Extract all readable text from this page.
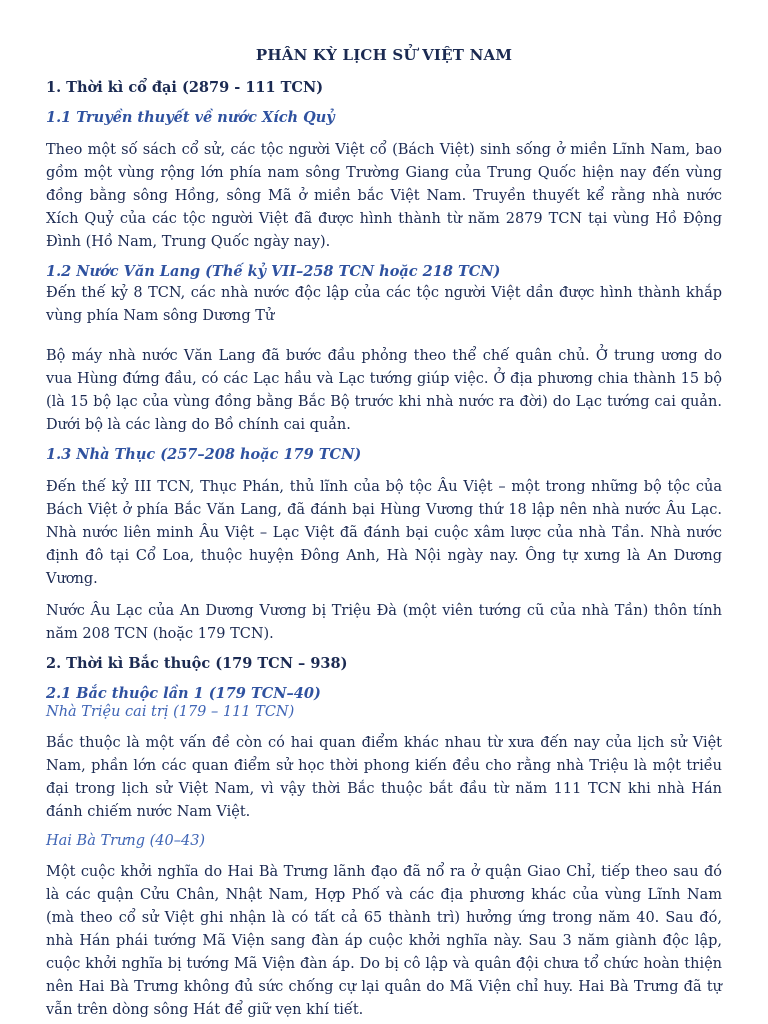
PHÂN KỲ LỊCH SỬ VIỆT NAM
1. Thời kì cổ đại (2879 - 111 TCN)
1.1 Truyền thuyết về nước Xích Quỷ
Theo một số sách cổ sử, các tộc người Việt cổ (Bách Việt) sinh sống ở miền Lĩnh Nam, bao gồm một vùng rộng lớn phía nam sông Trường Giang của Trung Quốc hiện nay đến vùng đồng bằng sông Hồng, sông Mã ở miền bắc Việt Nam. Truyền thuyết kể rằng nhà nước Xích Quỷ của các tộc người Việt đã được hình thành từ năm 2879 TCN tại vùng Hồ Động Đình (Hồ Nam, Trung Quốc ngày nay).
1.2 Nước Văn Lang (Thế kỷ VII–258 TCN hoặc 218 TCN)
Đến thế kỷ 8 TCN, các nhà nước độc lập của các tộc người Việt dần được hình thành khắp vùng phía Nam sông Dương Tử
Bộ máy nhà nước Văn Lang đã bước đầu phỏng theo thể chế quân chủ. Ở trung ương do vua Hùng đứng đầu, có các Lạc hầu và Lạc tướng giúp việc. Ở địa phương chia thành 15 bộ (là 15 bộ lạc của vùng đồng bằng Bắc Bộ trước khi nhà nước ra đời) do Lạc tướng cai quản. Dưới bộ là các làng do Bồ chính cai quản.
1.3 Nhà Thục (257–208 hoặc 179 TCN)
Đến thế kỷ III TCN, Thục Phán, thủ lĩnh của bộ tộc Âu Việt – một trong những bộ tộc của Bách Việt ở phía Bắc Văn Lang, đã đánh bại Hùng Vương thứ 18 lập nên nhà nước Âu Lạc. Nhà nước liên minh Âu Việt – Lạc Việt đã đánh bại cuộc xâm lược của nhà Tần. Nhà nước định đô tại Cổ Loa, thuộc huyện Đông Anh, Hà Nội ngày nay. Ông tự xưng là An Dương Vương.
Nước Âu Lạc của An Dương Vương bị Triệu Đà (một viên tướng cũ của nhà Tần) thôn tính năm 208 TCN (hoặc 179 TCN).
2. Thời kì Bắc thuộc (179 TCN – 938)
2.1 Bắc thuộc lần 1 (179 TCN–40)
Nhà Triệu cai trị (179 – 111 TCN)
Bắc thuộc là một vấn đề còn có hai quan điểm khác nhau từ xưa đến nay của lịch sử Việt Nam, phần lớn các quan điểm sử học thời phong kiến đều cho rằng nhà Triệu là một triều đại trong lịch sử Việt Nam, vì vậy thời Bắc thuộc bắt đầu từ năm 111 TCN khi nhà Hán đánh chiếm nước Nam Việt.
Hai Bà Trưng (40–43)
Một cuộc khởi nghĩa do Hai Bà Trưng lãnh đạo đã nổ ra ở quận Giao Chỉ, tiếp theo sau đó là các quận Cửu Chân, Nhật Nam, Hợp Phố và các địa phương khác của vùng Lĩnh Nam (mà theo cổ sử Việt ghi nhận là có tất cả 65 thành trì) hưởng ứng trong năm 40. Sau đó, nhà Hán phái tướng Mã Viện sang đàn áp cuộc khởi nghĩa này. Sau 3 năm giành độc lập, cuộc khởi nghĩa bị tướng Mã Viện đàn áp. Do bị cô lập và quân đội chưa tổ chức hoàn thiện nên Hai Bà Trưng không đủ sức chống cự lại quân do Mã Viện chỉ huy. Hai Bà Trưng đã tự vẫn trên dòng sông Hát để giữ vẹn khí tiết.
